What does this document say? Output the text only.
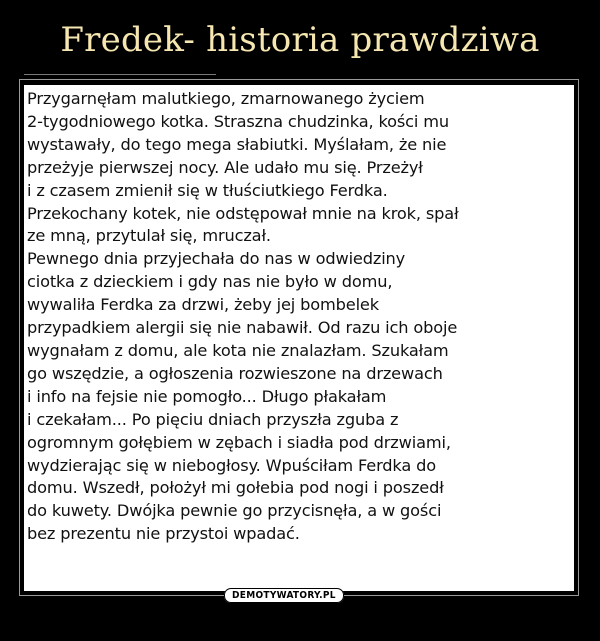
Fredek- historia prawdziwa
Przygarnęłam malutkiego, zmarnowanego życiem
2-tygodniowego kotka. Straszna chudzinka, kości mu
wystawały, do tego mega słabiutki. Myślałam, że nie
przeżyje pierwszej nocy. Ale udało mu się. Przeżył
i z czasem zmienił się w tłuściutkiego Ferdka.
Przekochany kotek, nie odstępował mnie na krok, spał
ze mną, przytulał się, mruczał.
Pewnego dnia przyjechała do nas w odwiedziny
ciotka z dzieckiem i gdy nas nie było w domu,
wywaliła Ferdka za drzwi, żeby jej bombelek
przypadkiem alergii się nie nabawił. Od razu ich oboje
wygnałam z domu, ale kota nie znalazłam. Szukałam
go wszędzie, a ogłoszenia rozwieszone na drzewach
i info na fejsie nie pomogło... Długo płakałam
i czekałam... Po pięciu dniach przyszła zguba z
ogromnym gołębiem w zębach i siadła pod drzwiami,
wydzierając się w niebogłosy. Wpuściłam Ferdka do
domu. Wszedł, położył mi gołebia pod nogi i poszedł
do kuwety. Dwójka pewnie go przycisnęła, a w gości
bez prezentu nie przystoi wpadać.
DEMOTYWATORY.PL
